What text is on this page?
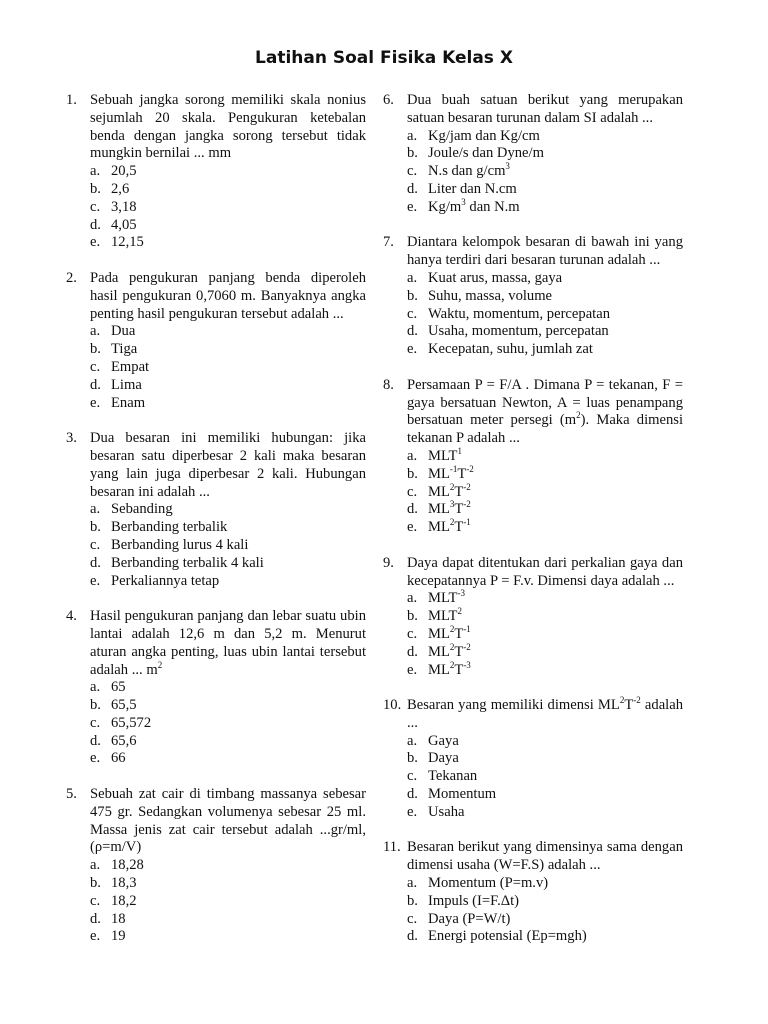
Latihan Soal Fisika Kelas X
1. Sebuah jangka sorong memiliki skala nonius sejumlah 20 skala. Pengukuran ketebalan benda dengan jangka sorong tersebut tidak mungkin bernilai ... mm
a. 20,5
b. 2,6
c. 3,18
d. 4,05
e. 12,15
2. Pada pengukuran panjang benda diperoleh hasil pengukuran 0,7060 m. Banyaknya angka penting hasil pengukuran tersebut adalah ...
a. Dua
b. Tiga
c. Empat
d. Lima
e. Enam
3. Dua besaran ini memiliki hubungan: jika besaran satu diperbesar 2 kali maka besaran yang lain juga diperbesar 2 kali. Hubungan besaran ini adalah ...
a. Sebanding
b. Berbanding terbalik
c. Berbanding lurus 4 kali
d. Berbanding terbalik 4 kali
e. Perkaliannya tetap
4. Hasil pengukuran panjang dan lebar suatu ubin lantai adalah 12,6 m dan 5,2 m. Menurut aturan angka penting, luas ubin lantai tersebut adalah ... $m^2$
a. 65
b. 65,5
c. 65,572
d. 65,6
e. 66
5. Sebuah zat cair di timbang massanya sebesar 475 gr. Sedangkan volumenya sebesar 25 ml. Massa jenis zat cair tersebut adalah ...gr/ml, (ρ=m/V)
a. 18,28
b. 18,3
c. 18,2
d. 18
e. 19
6. Dua buah satuan berikut yang merupakan satuan besaran turunan dalam SI adalah ...
a. Kg/jam dan Kg/cm
b. Joule/s dan Dyne/m
c. N.s dan $g/cm^3$
d. Liter dan N.cm
e. $Kg/m^3$ dan N.m
7. Diantara kelompok besaran di bawah ini yang hanya terdiri dari besaran turunan adalah ...
a. Kuat arus, massa, gaya
b. Suhu, massa, volume
c. Waktu, momentum, percepatan
d. Usaha, momentum, percepatan
e. Kecepatan, suhu, jumlah zat
8. Persamaan P = F/A . Dimana P = tekanan, F = gaya bersatuan Newton, A = luas penampang bersatuan meter persegi $(m^2)$. Maka dimensi tekanan P adalah ...
a. MLT$^1$
b. $ML^{-1}T^{-2}$
c. $ML^2T^{-2}$
d. $ML^3T^{-2}$
e. $ML^2T^{-1}$
9. Daya dapat ditentukan dari perkalian gaya dan kecepatannya P = F.v. Dimensi daya adalah ...
a. $MLT^{-3}$
b. MLT$^2$
c. $ML^2T^{-1}$
d. $ML^2T^{-2}$
e. $ML^2T^{-3}$
10. Besaran yang memiliki dimensi $ML^2T^{-2}$ adalah ...
a. Gaya
b. Daya
c. Tekanan
d. Momentum
e. Usaha
11. Besaran berikut yang dimensinya sama dengan dimensi usaha (W=F.S) adalah ...
a. Momentum (P=m.v)
b. Impuls (I=F.Δt)
c. Daya (P=W/t)
d. Energi potensial (Ep=mgh)
